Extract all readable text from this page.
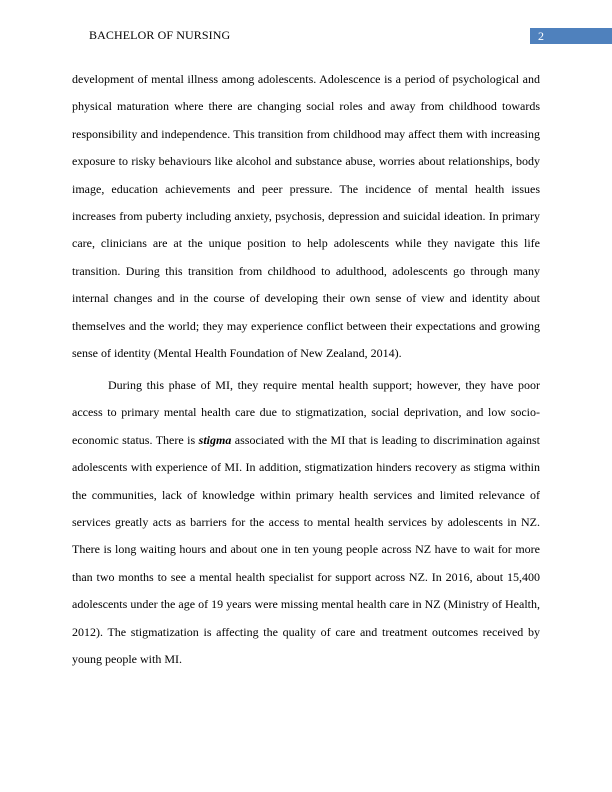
BACHELOR OF NURSING	2

development of mental illness among adolescents. Adolescence is a period of psychological and physical maturation where there are changing social roles and away from childhood towards responsibility and independence. This transition from childhood may affect them with increasing exposure to risky behaviours like alcohol and substance abuse, worries about relationships, body image, education achievements and peer pressure. The incidence of mental health issues increases from puberty including anxiety, psychosis, depression and suicidal ideation. In primary care, clinicians are at the unique position to help adolescents while they navigate this life transition. During this transition from childhood to adulthood, adolescents go through many internal changes and in the course of developing their own sense of view and identity about themselves and the world; they may experience conflict between their expectations and growing sense of identity (Mental Health Foundation of New Zealand, 2014).

During this phase of MI, they require mental health support; however, they have poor access to primary mental health care due to stigmatization, social deprivation, and low socio-economic status. There is stigma associated with the MI that is leading to discrimination against adolescents with experience of MI. In addition, stigmatization hinders recovery as stigma within the communities, lack of knowledge within primary health services and limited relevance of services greatly acts as barriers for the access to mental health services by adolescents in NZ. There is long waiting hours and about one in ten young people across NZ have to wait for more than two months to see a mental health specialist for support across NZ. In 2016, about 15,400 adolescents under the age of 19 years were missing mental health care in NZ (Ministry of Health, 2012). The stigmatization is affecting the quality of care and treatment outcomes received by young people with MI.
